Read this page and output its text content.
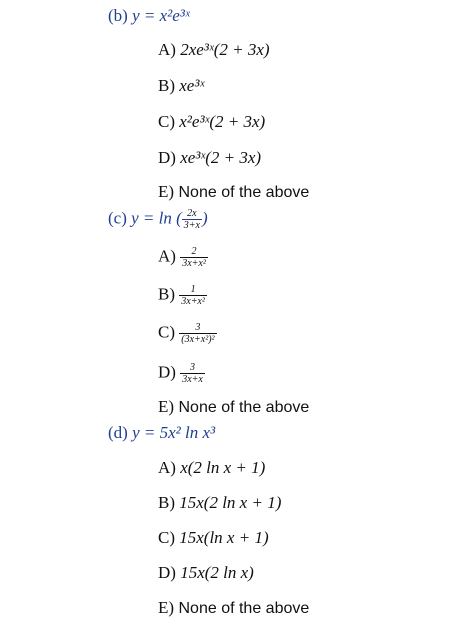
(b) y = x²e³ˣ
A) 2xe³ˣ(2 + 3x)
B) xe³ˣ
C) x²e³ˣ(2 + 3x)
D) xe³ˣ(2 + 3x)
E) None of the above
(c) y = ln ( $\frac{2x}{3+x}$ )
$A) \frac{2}{\text{3x+x²}}$
$B) \frac{1}{\text{3x+x²}}$
$C) \frac{3}{\text{(3x+x²)²}}$
$D) \frac{3}{3x+x}$
E) None of the above
(d) y = 5x² ln x³
A) x(2 ln x + 1)
B) 15x(2 ln x + 1)
C) 15x(ln x + 1)
D) 15x(2 ln x)
E) None of the above
